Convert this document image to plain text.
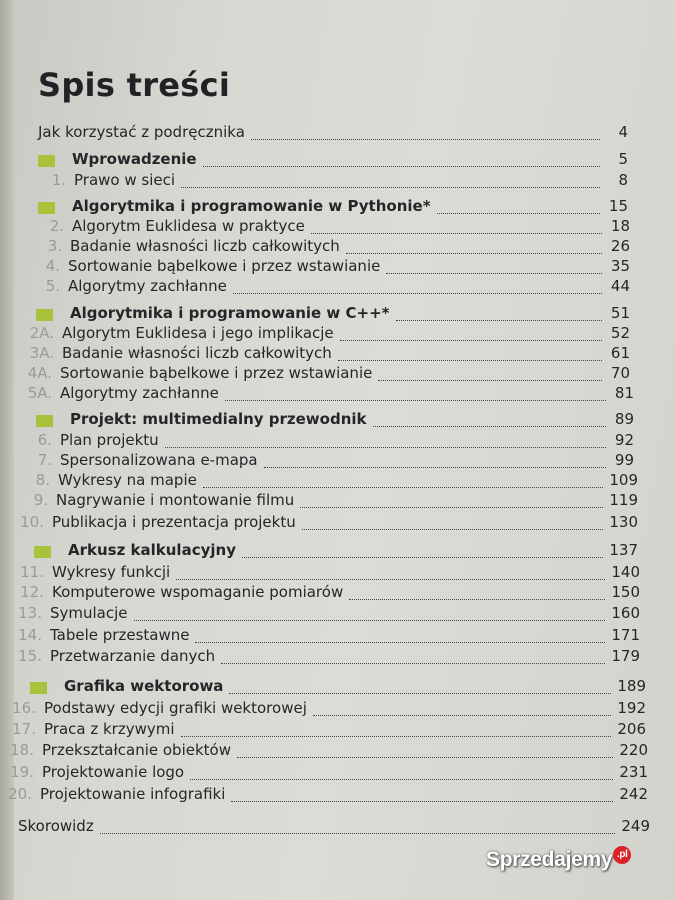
Spis treści
Jak korzystać z podręcznika	4
Wprowadzenie	5
1. Prawo w sieci	8
Algorytmika i programowanie w Pythonie*	15
2. Algorytm Euklidesa w praktyce	18
3. Badanie własności liczb całkowitych	26
4. Sortowanie bąbelkowe i przez wstawianie	35
5. Algorytmy zachłanne	44
Algorytmika i programowanie w C++*	51
2A. Algorytm Euklidesa i jego implikacje	52
3A. Badanie własności liczb całkowitych	61
4A. Sortowanie bąbelkowe i przez wstawianie	70
5A. Algorytmy zachłanne	81
Projekt: multimedialny przewodnik	89
6. Plan projektu	92
7. Spersonalizowana e-mapa	99
8. Wykresy na mapie	109
9. Nagrywanie i montowanie filmu	119
10. Publikacja i prezentacja projektu	130
Arkusz kalkulacyjny	137
11. Wykresy funkcji	140
12. Komputerowe wspomaganie pomiarów	150
13. Symulacje	160
14. Tabele przestawne	171
15. Przetwarzanie danych	179
Grafika wektorowa	189
16. Podstawy edycji grafiki wektorowej	192
17. Praca z krzywymi	206
18. Przekształcanie obiektów	220
19. Projektowanie logo	231
20. Projektowanie infografiki	242
Skorowidz	249
Sprzedajemy .pl
